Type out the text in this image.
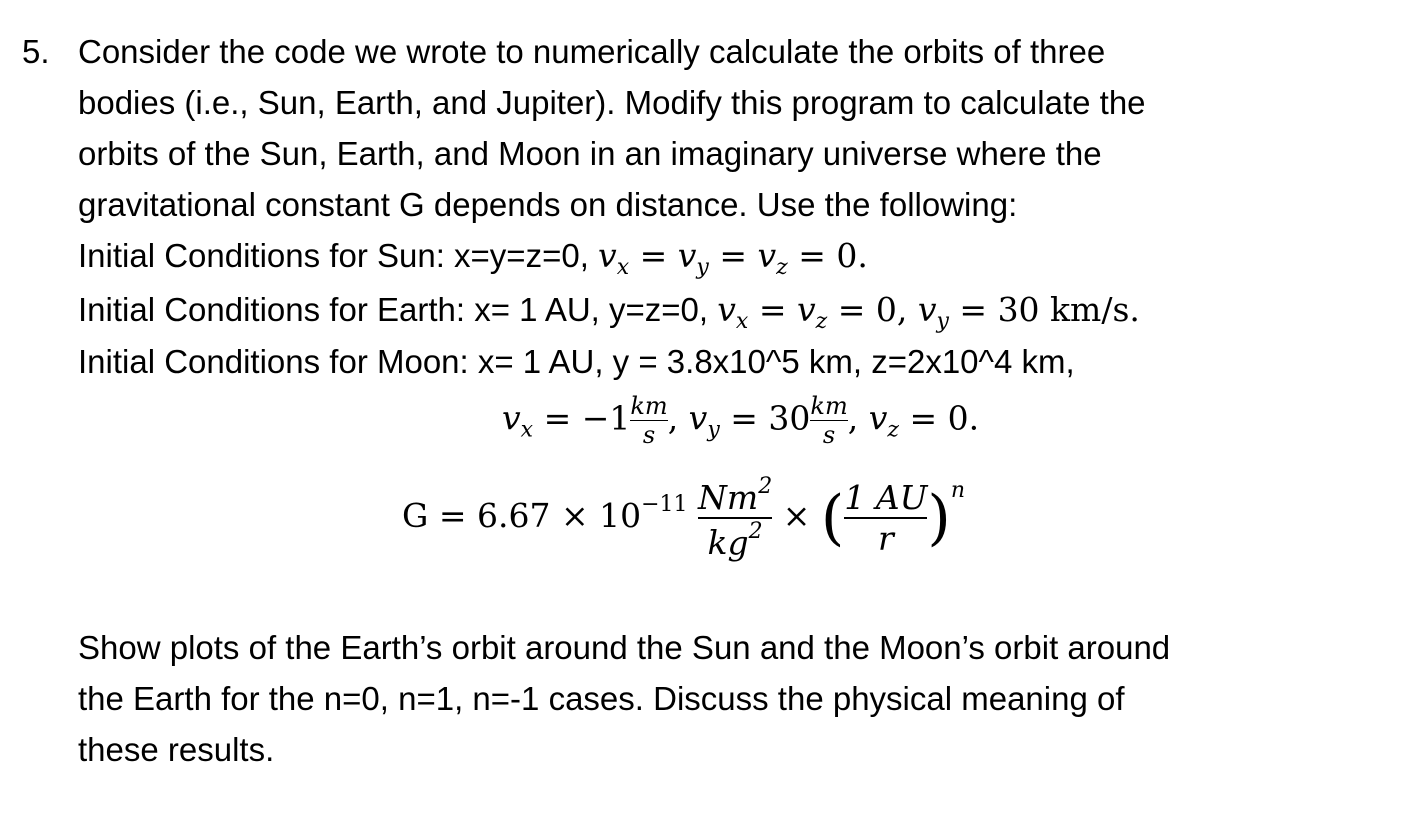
5. Consider the code we wrote to numerically calculate the orbits of three
bodies (i.e., Sun, Earth, and Jupiter). Modify this program to calculate the
orbits of the Sun, Earth, and Moon in an imaginary universe where the
gravitational constant G depends on distance. Use the following:
Initial Conditions for Sun: x=y=z=0, $v_x = v_y = v_z = 0$.
Initial Conditions for Earth: x= 1 AU, y=z=0, $v_x = v_z = 0$, $v_y = 30$ km/s.
Initial Conditions for Moon: x= 1 AU, y = 3.8x10^5 km, z=2x10^4 km,
$v_x = -1 \frac{km}{s}$ , $v_y = 30 \frac{km}{s}$ , $v_z = 0$.
$G = 6.67 \times 10^{-11} \frac{Nm^2}{kg^2}$ × ( $\frac{1 AU}{r} )^n$
Show plots of the Earth’s orbit around the Sun and the Moon’s orbit around
the Earth for the n=0, n=1, n=-1 cases. Discuss the physical meaning of
these results.
